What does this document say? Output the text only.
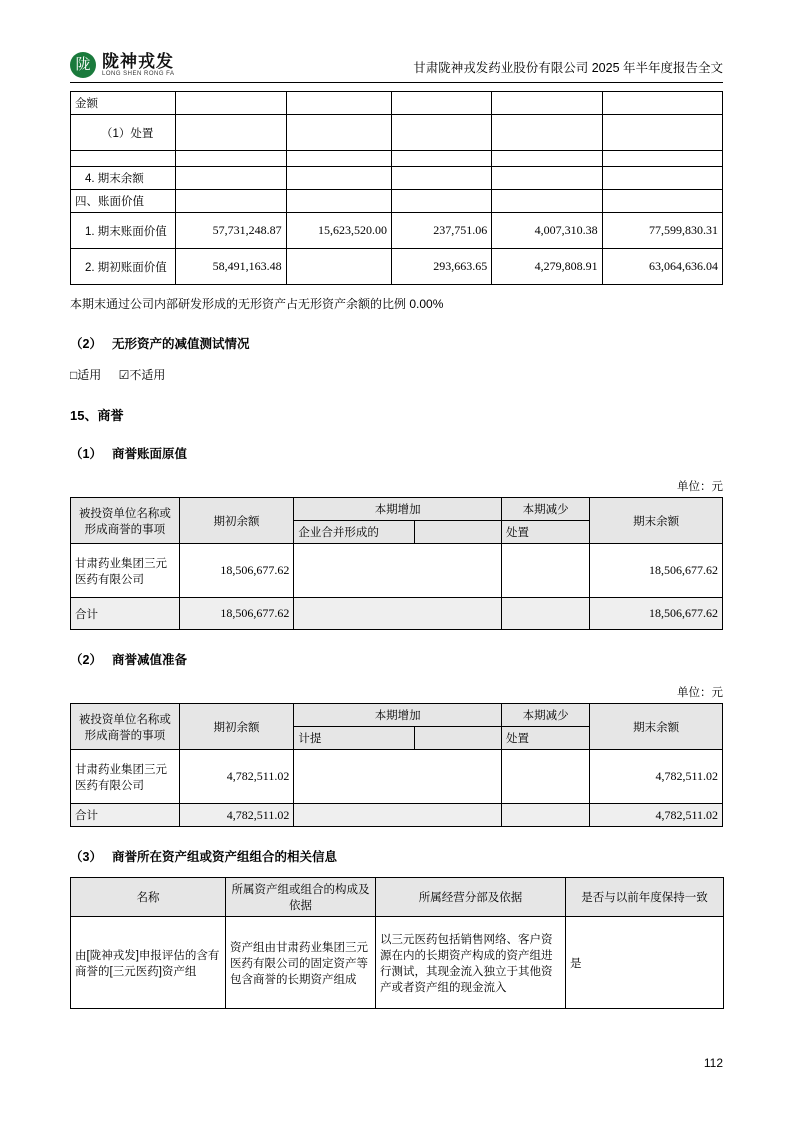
陇 陇神戎发
LONG SHEN RONG FA	甘肃陇神戎发药业股份有限公司 2025 年半年度报告全文
金额					
（1）处置					

4. 期末余额					
四、账面价值					
1. 期末账面价值	57,731,248.87	15,623,520.00	237,751.06	4,007,310.38	77,599,830.31
2. 期初账面价值	58,491,163.48		293,663.65	4,279,808.91	63,064,636.04

本期末通过公司内部研发形成的无形资产占无形资产余额的比例 0.00%

（2） 无形资产的减值测试情况

□适用 ☑不适用

15、商誉

（1） 商誉账面原值

单位：元
被投资单位名称或形成商誉的事项	期初余额	本期增加		本期减少	期末余额
		企业合并形成的		处置	
甘肃药业集团三元医药有限公司	18,506,677.62				18,506,677.62
合计	18,506,677.62				18,506,677.62

（2） 商誉减值准备

单位：元
被投资单位名称或形成商誉的事项	期初余额	本期增加		本期减少	期末余额
		计提		处置	
甘肃药业集团三元医药有限公司	4,782,511.02				4,782,511.02
合计	4,782,511.02				4,782,511.02

（3） 商誉所在资产组或资产组组合的相关信息

名称	所属资产组或组合的构成及依据	所属经营分部及依据	是否与以前年度保持一致
由[陇神戎发]申报评估的含有商誉的[三元医药]资产组	资产组由甘肃药业集团三元医药有限公司的固定资产等包含商誉的长期资产组成	以三元医药包括销售网络、客户资源在内的长期资产构成的资产组进行测试，其现金流入独立于其他资产或者资产组的现金流入	是
112
